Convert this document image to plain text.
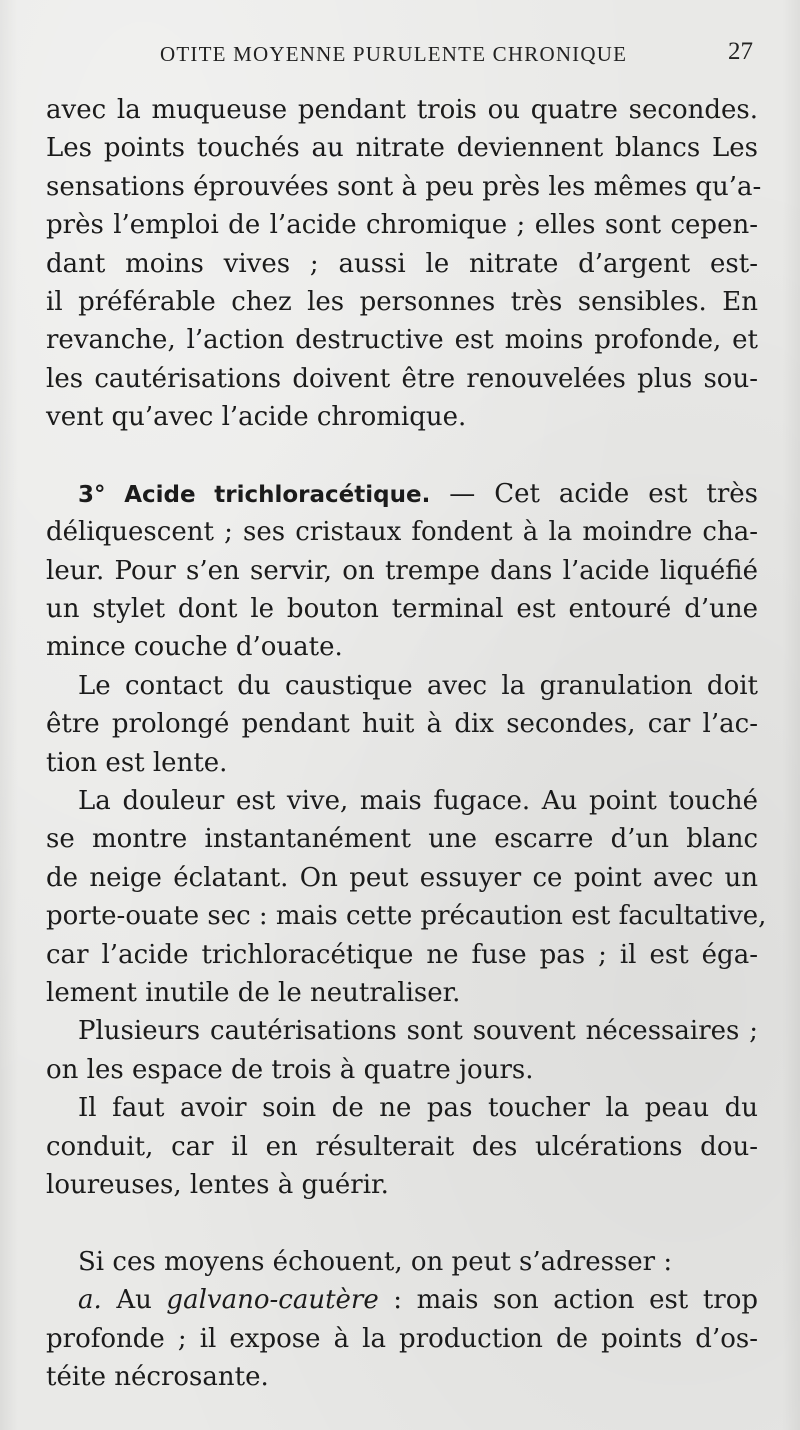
OTITE MOYENNE PURULENTE CHRONIQUE	27
avec la muqueuse pendant trois ou quatre secondes.
Les points touchés au nitrate deviennent blancs Les
sensations éprouvées sont à peu près les mêmes qu’a-
près l’emploi de l’acide chromique ; elles sont cepen-
dant moins vives ; aussi le nitrate d’argent est-
il préférable chez les personnes très sensibles. En
revanche, l’action destructive est moins profonde, et
les cautérisations doivent être renouvelées plus sou-
vent qu’avec l’acide chromique.
3° Acide trichloracétique. — Cet acide est très
déliquescent ; ses cristaux fondent à la moindre cha-
leur. Pour s’en servir, on trempe dans l’acide liquéfié
un stylet dont le bouton terminal est entouré d’une
mince couche d’ouate.
Le contact du caustique avec la granulation doit
être prolongé pendant huit à dix secondes, car l’ac-
tion est lente.
La douleur est vive, mais fugace. Au point touché
se montre instantanément une escarre d’un blanc
de neige éclatant. On peut essuyer ce point avec un
porte-ouate sec : mais cette précaution est facultative,
car l’acide trichloracétique ne fuse pas ; il est éga-
lement inutile de le neutraliser.
Plusieurs cautérisations sont souvent nécessaires ;
on les espace de trois à quatre jours.
Il faut avoir soin de ne pas toucher la peau du
conduit, car il en résulterait des ulcérations dou-
loureuses, lentes à guérir.
Si ces moyens échouent, on peut s’adresser :
a. Au galvano-cautère : mais son action est trop
profonde ; il expose à la production de points d’os-
téite nécrosante.
